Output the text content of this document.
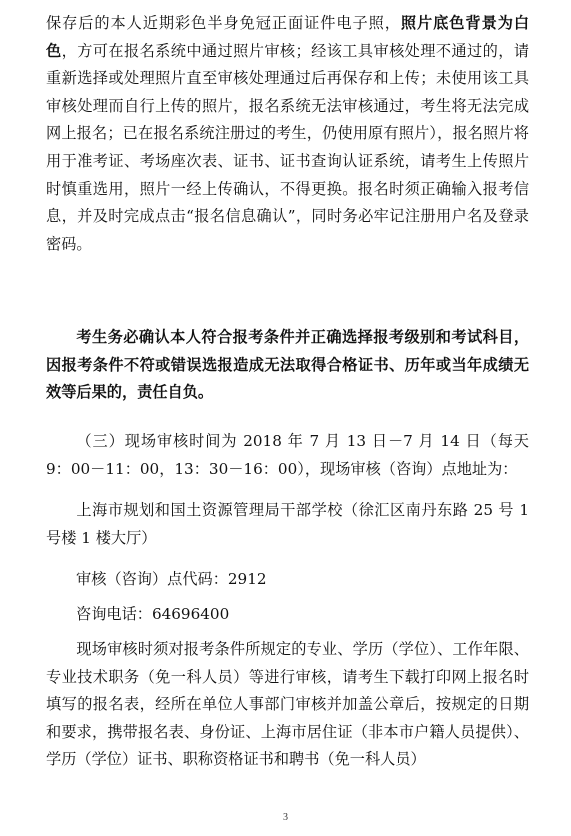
保存后的本人近期彩色半身免冠正面证件电子照，照片底色背景为白色，方可在报名系统中通过照片审核；经该工具审核处理不通过的，请重新选择或处理照片直至审核处理通过后再保存和上传；未使用该工具审核处理而自行上传的照片，报名系统无法审核通过，考生将无法完成网上报名；已在报名系统注册过的考生，仍使用原有照片），报名照片将用于准考证、考场座次表、证书、证书查询认证系统，请考生上传照片时慎重选用，照片一经上传确认，不得更换。报名时须正确输入报考信息，并及时完成点击“报名信息确认”，同时务必牢记注册用户名及登录密码。

考生务必确认本人符合报考条件并正确选择报考级别和考试科目，因报考条件不符或错误选报造成无法取得合格证书、历年或当年成绩无效等后果的，责任自负。

（三）现场审核时间为 2018 年 7 月 13 日－7 月 14 日（每天 9：00－11：00，13：30－16：00），现场审核（咨询）点地址为：

上海市规划和国土资源管理局干部学校（徐汇区南丹东路 25 号 1 号楼 1 楼大厅）

审核（咨询）点代码：2912
咨询电话：64696400

现场审核时须对报考条件所规定的专业、学历（学位）、工作年限、专业技术职务（免一科人员）等进行审核，请考生下载打印网上报名时填写的报名表，经所在单位人事部门审核并加盖公章后，按规定的日期和要求，携带报名表、身份证、上海市居住证（非本市户籍人员提供）、学历（学位）证书、职称资格证书和聘书（免一科人员）

3
